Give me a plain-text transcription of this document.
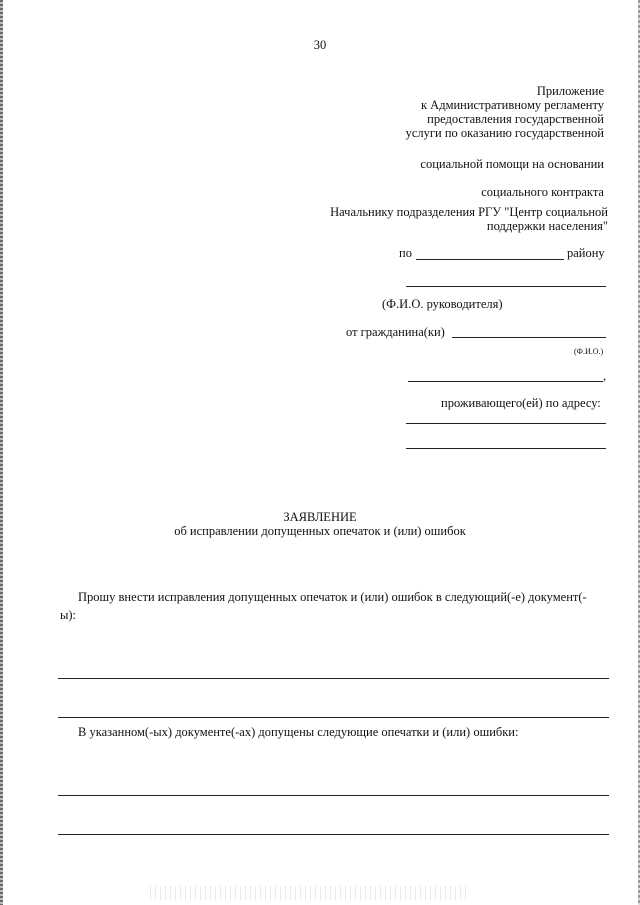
30
Приложение
к Административному регламенту
предоставления государственной
услуги по оказанию государственной
социальной помощи на основании
социального контракта
Начальнику подразделения РГУ "Центр социальной
поддержки населения"
по	району
(Ф.И.О. руководителя)
от гражданина(ки)
(Ф.И.О.)
,
проживающего(ей) по адресу:
ЗАЯВЛЕНИЕ
об исправлении допущенных опечаток и (или) ошибок
Прошу внести исправления допущенных опечаток и (или) ошибок в следующий(-е) документ(-
ы):
В указанном(-ых) документе(-ах) допущены следующие опечатки и (или) ошибки:
